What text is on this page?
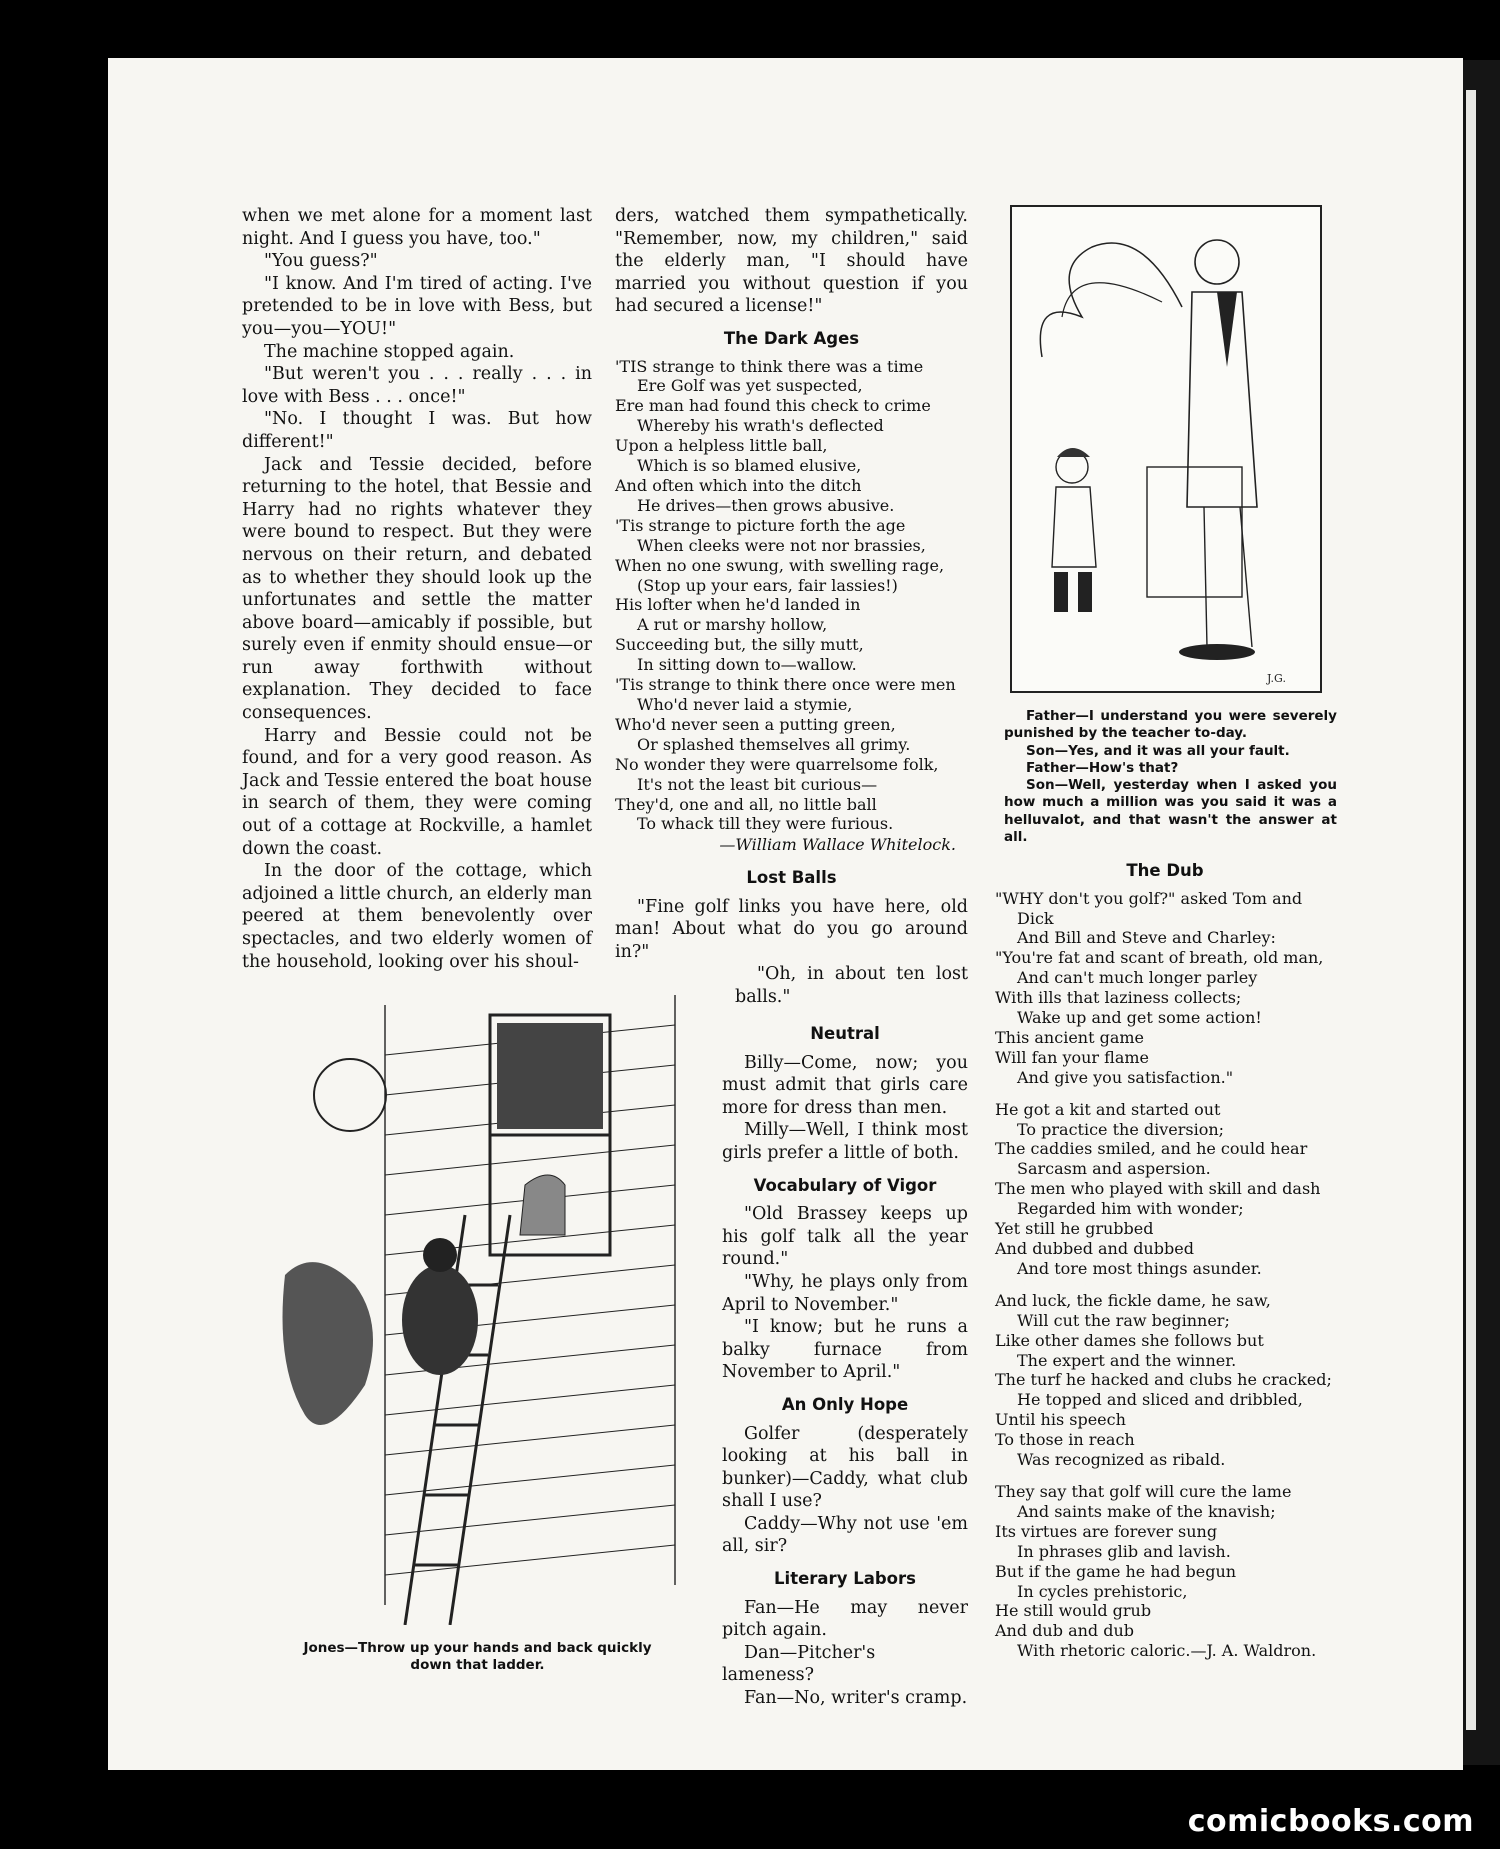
when we met alone for a moment last night. And I guess you have, too."

"You guess?"

"I know. And I'm tired of acting. I've pretended to be in love with Bess, but you—you—YOU!"

The machine stopped again.

"But weren't you . . . really . . . in love with Bess . . . once!"

"No. I thought I was. But how different!"

Jack and Tessie decided, before returning to the hotel, that Bessie and Harry had no rights whatever they were bound to respect. But they were nervous on their return, and debated as to whether they should look up the unfortunates and settle the matter above board—amicably if possible, but surely even if enmity should ensue—or run away forthwith without explanation. They decided to face consequences.

Harry and Bessie could not be found, and for a very good reason. As Jack and Tessie entered the boat house in search of them, they were coming out of a cottage at Rockville, a hamlet down the coast.

In the door of the cottage, which adjoined a little church, an elderly man peered at them benevolently over spectacles, and two elderly women of the household, looking over his shoul-

ders, watched them sympathetically. "Remember, now, my children," said the elderly man, "I should have married you without question if you had secured a license!"

The Dark Ages
'TIS strange to think there was a time
Ere Golf was yet suspected,
Ere man had found this check to crime
Whereby his wrath's deflected
Upon a helpless little ball,
Which is so blamed elusive,
And often which into the ditch
He drives—then grows abusive.
'Tis strange to picture forth the age
When cleeks were not nor brassies,
When no one swung, with swelling rage,
(Stop up your ears, fair lassies!)
His lofter when he'd landed in
A rut or marshy hollow,
Succeeding but, the silly mutt,
In sitting down to—wallow.
'Tis strange to think there once were men
Who'd never laid a stymie,
Who'd never seen a putting green,
Or splashed themselves all grimy.
No wonder they were quarrelsome folk,
It's not the least bit curious—
They'd, one and all, no little ball
To whack till they were furious.
—William Wallace Whitelock.
Lost Balls

"Fine golf links you have here, old man! About what do you go around in?"

"Oh, in about ten lost balls."

Neutral

Billy—Come, now; you must admit that girls care more for dress than men.

Milly—Well, I think most girls prefer a little of both.

Vocabulary of Vigor

"Old Brassey keeps up his golf talk all the year round."

"Why, he plays only from April to November."

"I know; but he runs a balky furnace from November to April."

An Only Hope

Golfer (desperately looking at his ball in bunker)—Caddy, what club shall I use?

Caddy—Why not use 'em all, sir?

Literary Labors

Fan—He may never pitch again.

Dan—Pitcher's lameness?

Fan—No, writer's cramp.

Jones—Throw up your hands and back quickly down that ladder.
J.G.

Father—I understand you were severely punished by the teacher to-day.

Son—Yes, and it was all your fault.

Father—How's that?

Son—Well, yesterday when I asked you how much a million was you said it was a helluvalot, and that wasn't the answer at all.

The Dub
"WHY don't you golf?" asked Tom and
Dick
And Bill and Steve and Charley:
"You're fat and scant of breath, old man,
And can't much longer parley
With ills that laziness collects;
Wake up and get some action!
This ancient game
Will fan your flame
And give you satisfaction."
He got a kit and started out
To practice the diversion;
The caddies smiled, and he could hear
Sarcasm and aspersion.
The men who played with skill and dash
Regarded him with wonder;
Yet still he grubbed
And dubbed and dubbed
And tore most things asunder.
And luck, the fickle dame, he saw,
Will cut the raw beginner;
Like other dames she follows but
The expert and the winner.
The turf he hacked and clubs he cracked;
He topped and sliced and dribbled,
Until his speech
To those in reach
Was recognized as ribald.
They say that golf will cure the lame
And saints make of the knavish;
Its virtues are forever sung
In phrases glib and lavish.
But if the game he had begun
In cycles prehistoric,
He still would grub
And dub and dub
With rhetoric caloric.—J. A. Waldron.
comicbooks.com
